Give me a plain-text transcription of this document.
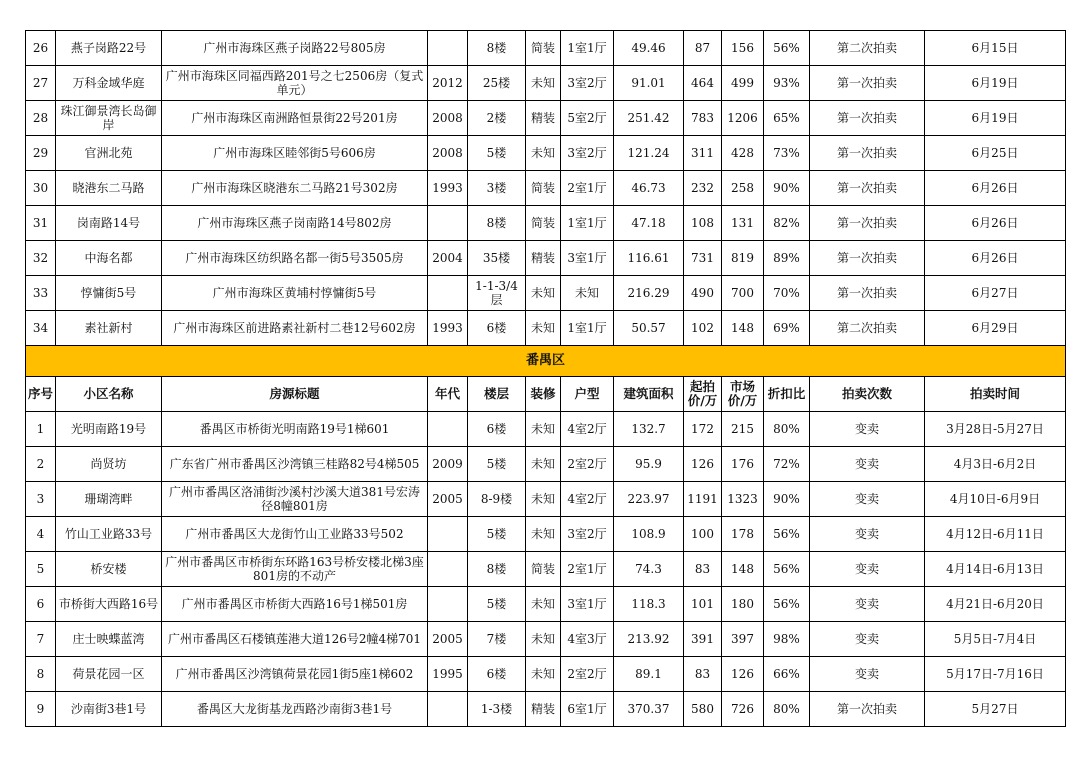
26	燕子岗路22号	广州市海珠区燕子岗路22号805房		8楼	简装	1室1厅	49.46	87	156	56%	第二次拍卖	6月15日
27	万科金域华庭	广州市海珠区同福西路201号之七2506房（复式单元）	2012	25楼	未知	3室2厅	91.01	464	499	93%	第一次拍卖	6月19日
28	珠江御景湾长岛御岸	广州市海珠区南洲路恒景街22号201房	2008	2楼	精装	5室2厅	251.42	783	1206	65%	第一次拍卖	6月19日
29	官洲北苑	广州市海珠区睦邻街5号606房	2008	5楼	未知	3室2厅	121.24	311	428	73%	第一次拍卖	6月25日
30	晓港东二马路	广州市海珠区晓港东二马路21号302房	1993	3楼	简装	2室1厅	46.73	232	258	90%	第一次拍卖	6月26日
31	岗南路14号	广州市海珠区燕子岗南路14号802房		8楼	简装	1室1厅	47.18	108	131	82%	第一次拍卖	6月26日
32	中海名都	广州市海珠区纺织路名都一街5号3505房	2004	35楼	精装	3室1厅	116.61	731	819	89%	第一次拍卖	6月26日
33	惇慵街5号	广州市海珠区黄埔村惇慵街5号		1-1-3/4层	未知	未知	216.29	490	700	70%	第一次拍卖	6月27日
34	素社新村	广州市海珠区前进路素社新村二巷12号602房	1993	6楼	未知	1室1厅	50.57	102	148	69%	第二次拍卖	6月29日
番禺区												
序号	小区名称	房源标题	年代	楼层	装修	户型	建筑面积	起拍价/万	市场价/万	折扣比	拍卖次数	拍卖时间
1	光明南路19号	番禺区市桥街光明南路19号1梯601		6楼	未知	4室2厅	132.7	172	215	80%	变卖	3月28日-5月27日
2	尚贤坊	广东省广州市番禺区沙湾镇三桂路82号4梯505	2009	5楼	未知	2室2厅	95.9	126	176	72%	变卖	4月3日-6月2日
3	珊瑚湾畔	广州市番禺区洛浦街沙溪村沙溪大道381号宏涛径8幢801房	2005	8-9楼	未知	4室2厅	223.97	1191	1323	90%	变卖	4月10日-6月9日
4	竹山工业路33号	广州市番禺区大龙街竹山工业路33号502		5楼	未知	3室2厅	108.9	100	178	56%	变卖	4月12日-6月11日
5	桥安楼	广州市番禺区市桥街东环路163号桥安楼北梯3座801房的不动产		8楼	简装	2室1厅	74.3	83	148	56%	变卖	4月14日-6月13日
6	市桥街大西路16号	广州市番禺区市桥街大西路16号1梯501房		5楼	未知	3室1厅	118.3	101	180	56%	变卖	4月21日-6月20日
7	庄士映蝶蓝湾	广州市番禺区石楼镇莲港大道126号2幢4梯701	2005	7楼	未知	4室3厅	213.92	391	397	98%	变卖	5月5日-7月4日
8	荷景花园一区	广州市番禺区沙湾镇荷景花园1街5座1梯602	1995	6楼	未知	2室2厅	89.1	83	126	66%	变卖	5月17日-7月16日
9	沙南街3巷1号	番禺区大龙街基龙西路沙南街3巷1号		1-3楼	精装	6室1厅	370.37	580	726	80%	第一次拍卖	5月27日
